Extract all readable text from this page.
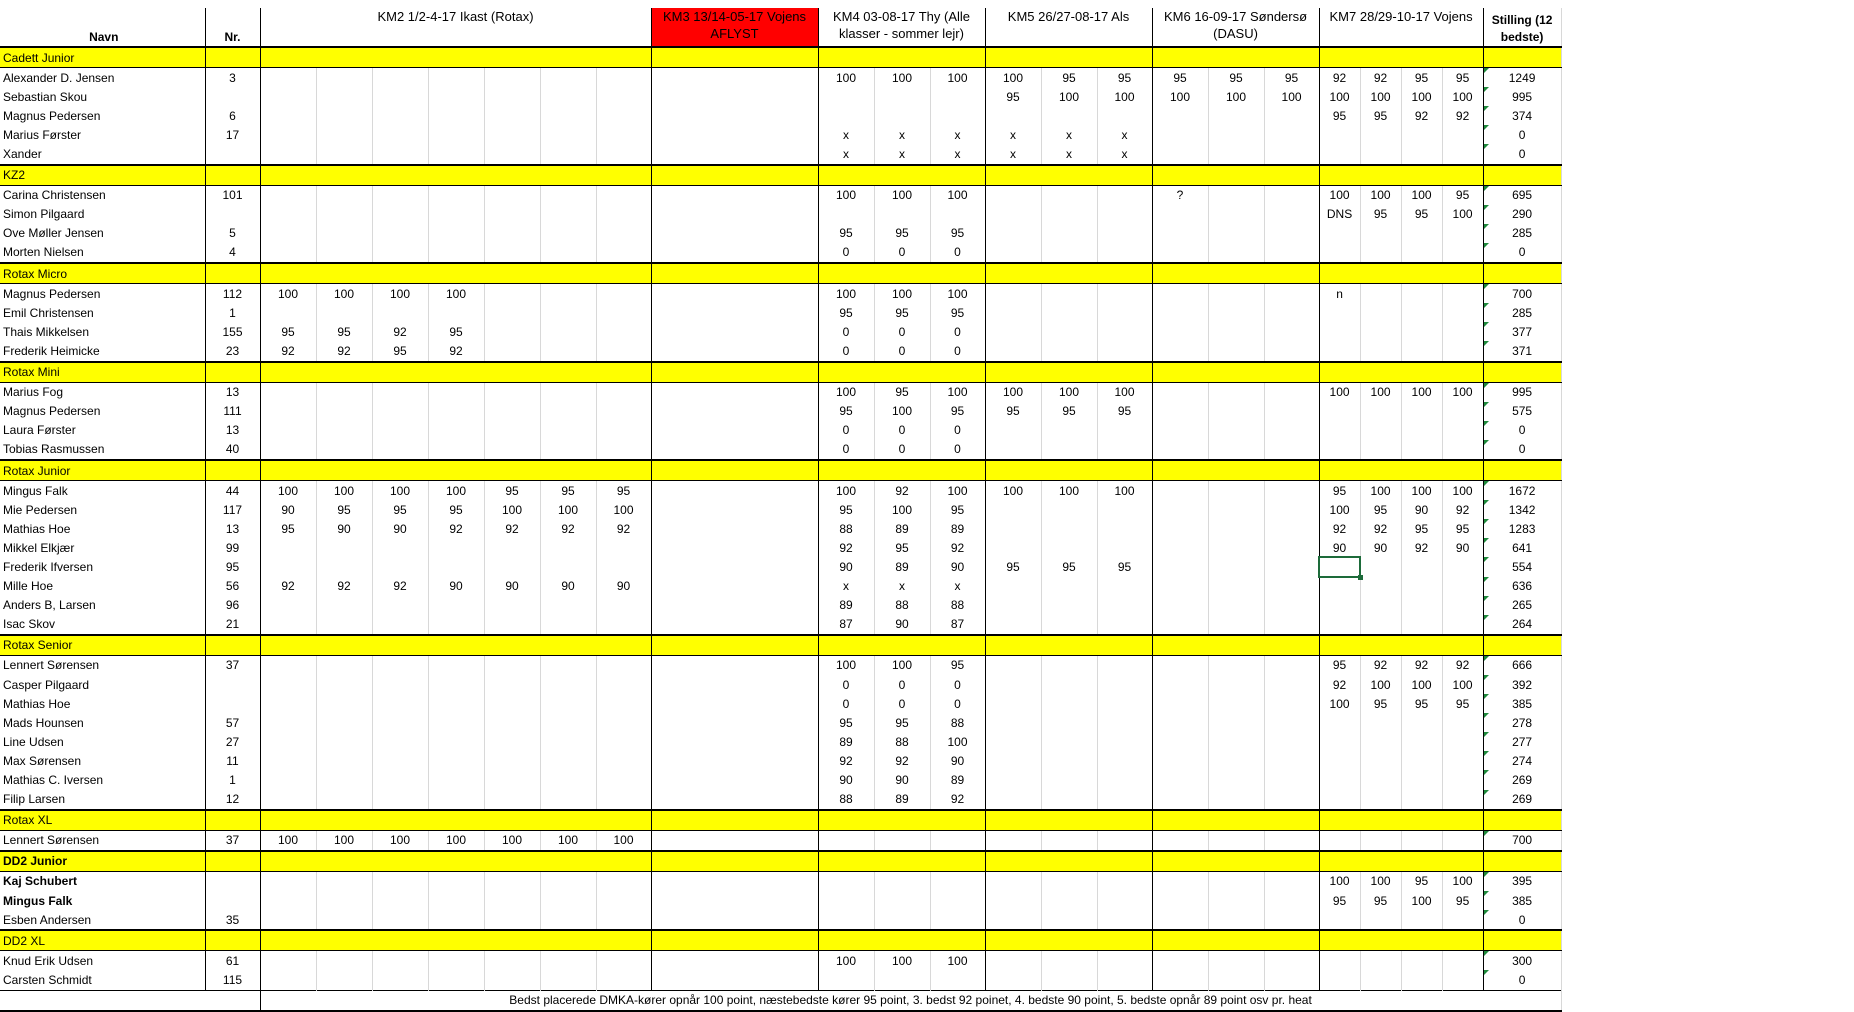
Navn	Nr.	KM2 1/2-4-17 Ikast (Rotax)							KM3 13/14-05-17 Vojens AFLYST	KM4 03-08-17 Thy (Alle klasser - sommer lejr)			KM5 26/27-08-17 Als			KM6 16-09-17 Søndersø (DASU)			KM7 28/29-10-17 Vojens				Stilling (12 bedste)
Cadett Junior																							
Alexander D. Jensen	3									100	100	100	100	95	95	95	95	95	92	92	95	95	1249
Sebastian Skou													95	100	100	100	100	100	100	100	100	100	995
Magnus Pedersen	6																		95	95	92	92	374
Marius Førster	17									x	x	x	x	x	x								0
Xander										x	x	x	x	x	x								0
KZ2																							
Carina Christensen	101									100	100	100				?			100	100	100	95	695
Simon Pilgaard																			DNS	95	95	100	290
Ove Møller Jensen	5									95	95	95											285
Morten Nielsen	4									0	0	0											0
Rotax Micro																							
Magnus Pedersen	112	100	100	100	100					100	100	100							n				700
Emil Christensen	1									95	95	95											285
Thais Mikkelsen	155	95	95	92	95					0	0	0											377
Frederik Heimicke	23	92	92	95	92					0	0	0											371
Rotax Mini																							
Marius Fog	13									100	95	100	100	100	100				100	100	100	100	995
Magnus Pedersen	111									95	100	95	95	95	95								575
Laura Førster	13									0	0	0											0
Tobias Rasmussen	40									0	0	0											0
Rotax Junior																							
Mingus Falk	44	100	100	100	100	95	95	95		100	92	100	100	100	100				95	100	100	100	1672
Mie Pedersen	117	90	95	95	95	100	100	100		95	100	95							100	95	90	92	1342
Mathias Hoe	13	95	90	90	92	92	92	92		88	89	89							92	92	95	95	1283
Mikkel Elkjær	99									92	95	92							90	90	92	90	641
Frederik Ifversen	95									90	89	90	95	95	95								554
Mille Hoe	56	92	92	92	90	90	90	90		x	x	x											636
Anders B, Larsen	96									89	88	88											265
Isac Skov	21									87	90	87											264
Rotax Senior																							
Lennert Sørensen	37									100	100	95							95	92	92	92	666
Casper Pilgaard										0	0	0							92	100	100	100	392
Mathias Hoe										0	0	0							100	95	95	95	385
Mads Hounsen	57									95	95	88											278
Line Udsen	27									89	88	100											277
Max Sørensen	11									92	92	90											274
Mathias C. Iversen	1									90	90	89											269
Filip Larsen	12									88	89	92											269
Rotax XL																							
Lennert Sørensen	37	100	100	100	100	100	100	100															700
DD2 Junior																							
Kaj Schubert																			100	100	95	100	395
Mingus Falk																			95	95	100	95	385
Esben Andersen	35																						0
DD2 XL																							
Knud Erik Udsen	61									100	100	100											300
Carsten Schmidt	115																						0
		Bedst placerede DMKA-kører opnår 100 point, næstebedste kører 95 point, 3. bedst 92 poinet, 4. bedste 90 point, 5. bedste opnår 89 point osv pr. heat																					
